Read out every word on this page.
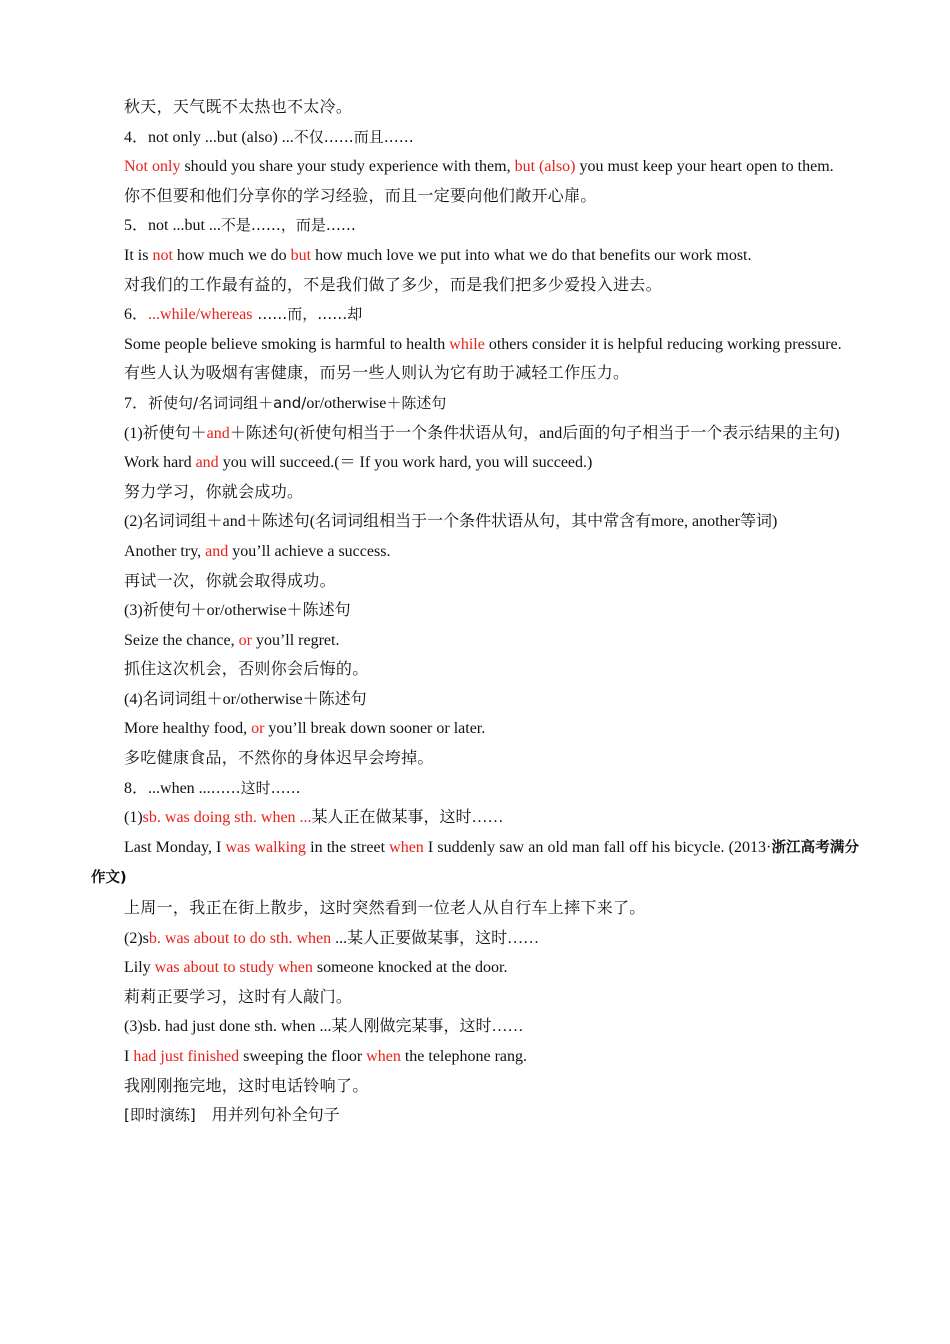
秋天，天气既不太热也不太冷。

4．not only ...but (also) ...不仅……而且……

Not only should you share your study experience with them, but (also) you must keep your heart open to them.

你不但要和他们分享你的学习经验，而且一定要向他们敞开心扉。

5．not ...but ...不是……，而是……

It is not how much we do but how much love we put into what we do that benefits our work most.

对我们的工作最有益的，不是我们做了多少，而是我们把多少爱投入进去。

6．...while/whereas ……而，……却

Some people believe smoking is harmful to health while others consider it is helpful reducing working pressure.

有些人认为吸烟有害健康，而另一些人则认为它有助于减轻工作压力。

7．祈使句/名词词组＋and/or/otherwise＋陈述句

(1)祈使句＋and＋陈述句(祈使句相当于一个条件状语从句，and后面的句子相当于一个表示结果的主句)

Work hard and you will succeed.(＝ If you work hard, you will succeed.)

努力学习，你就会成功。

(2)名词词组＋and＋陈述句(名词词组相当于一个条件状语从句，其中常含有more, another等词)

Another try, and you’ll achieve a success.

再试一次，你就会取得成功。

(3)祈使句＋or/otherwise＋陈述句

Seize the chance, or you’ll regret.

抓住这次机会，否则你会后悔的。

(4)名词词组＋or/otherwise＋陈述句

More healthy food, or you’ll break down sooner or later.

多吃健康食品，不然你的身体迟早会垮掉。

8．...when ...……这时……

(1)sb. was doing sth. when ...某人正在做某事，这时……

Last Monday, I was walking in the street when I suddenly saw an old man fall off his bicycle. (2013·浙江高考满分作文)

上周一，我正在街上散步，这时突然看到一位老人从自行车上摔下来了。

(2)sb. was about to do sth. when ...某人正要做某事，这时……

Lily was about to study when someone knocked at the door.

莉莉正要学习，这时有人敲门。

(3)sb. had just done sth. when ...某人刚做完某事，这时……

I had just finished sweeping the floor when the telephone rang.

我刚刚拖完地，这时电话铃响了。

[即时演练]　用并列句补全句子
